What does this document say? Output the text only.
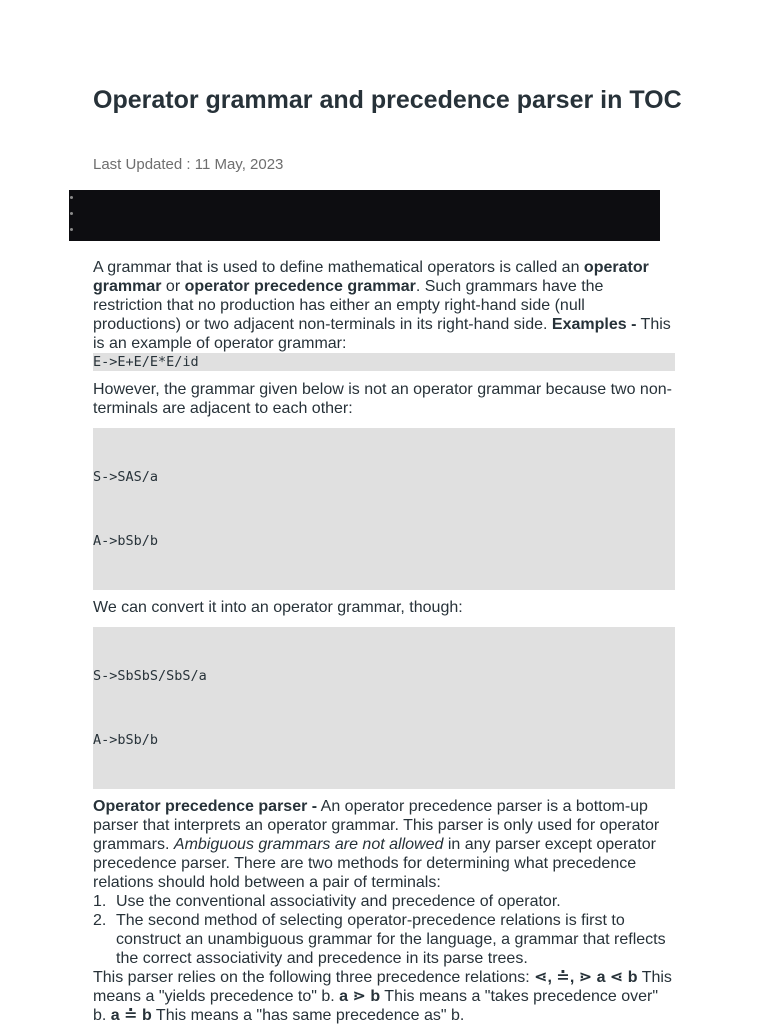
Operator grammar and precedence parser in TOC
Last Updated : 11 May, 2023

A grammar that is used to define mathematical operators is called an operator grammar or operator precedence grammar. Such grammars have the restriction that no production has either an empty right-hand side (null productions) or two adjacent non-terminals in its right-hand side. Examples - This is an example of operator grammar:

E->E+E/E*E/id

However, the grammar given below is not an operator grammar because two non-terminals are adjacent to each other:

S->SAS/a

A->bSb/b

We can convert it into an operator grammar, though:

S->SbSbS/SbS/a

A->bSb/b

Operator precedence parser - An operator precedence parser is a bottom-up parser that interprets an operator grammar. This parser is only used for operator grammars. Ambiguous grammars are not allowed in any parser except operator precedence parser. There are two methods for determining what precedence relations should hold between a pair of terminals:

1. Use the conventional associativity and precedence of operator.
2. The second method of selecting operator-precedence relations is first to construct an unambiguous grammar for the language, a grammar that reflects the correct associativity and precedence in its parse trees.

This parser relies on the following three precedence relations: ⋖, ≐, ⋗ a ⋖ b This means a "yields precedence to" b. a ⋗ b This means a "takes precedence over" b. a ≐ b This means a "has same precedence as" b.
